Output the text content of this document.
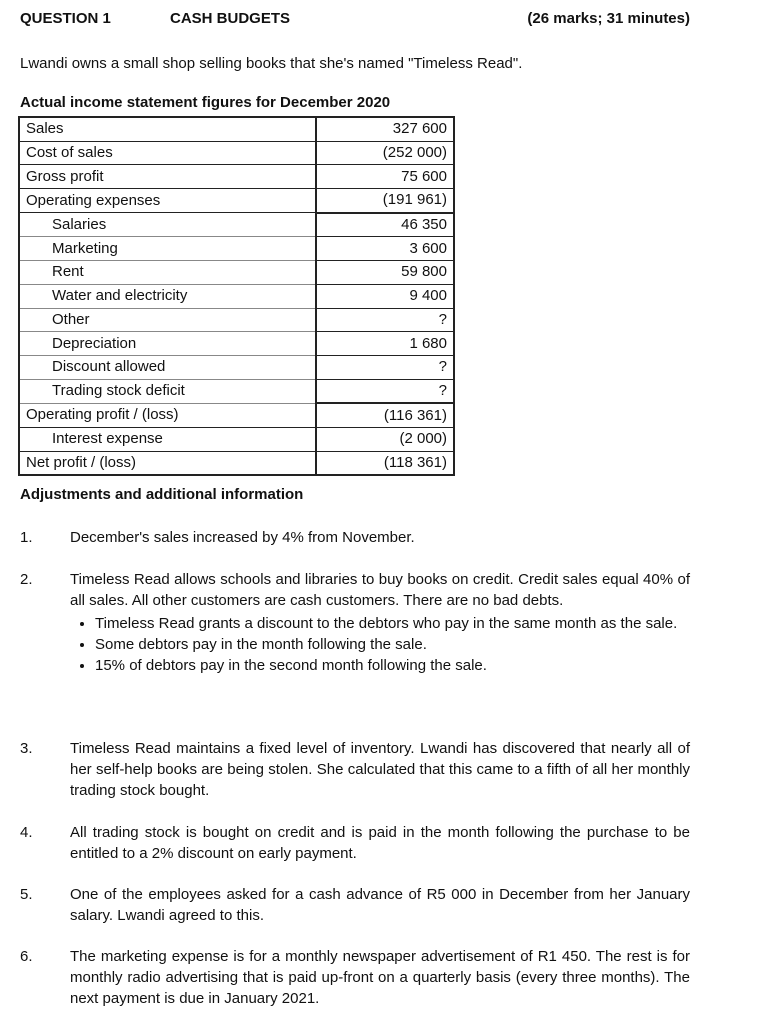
QUESTION 1	CASH BUDGETS	(26 marks; 31 minutes)
Lwandi owns a small shop selling books that she's named "Timeless Read".
Actual income statement figures for December 2020
Sales	327 600
Cost of sales	(252 000)
Gross profit	75 600
Operating expenses	(191 961)
Salaries	46 350
Marketing	3 600
Rent	59 800
Water and electricity	9 400
Other	?
Depreciation	1 680
Discount allowed	?
Trading stock deficit	?
Operating profit / (loss)	(116 361)
Interest expense	(2 000)
Net profit / (loss)	(118 361)
Adjustments and additional information
1. December's sales increased by 4% from November.
2. Timeless Read allows schools and libraries to buy books on credit. Credit sales equal 40% of all sales. All other customers are cash customers. There are no bad debts.
• Timeless Read grants a discount to the debtors who pay in the same month as the sale.
• Some debtors pay in the month following the sale.
• 15% of debtors pay in the second month following the sale.
3. Timeless Read maintains a fixed level of inventory. Lwandi has discovered that nearly all of her self-help books are being stolen. She calculated that this came to a fifth of all her monthly trading stock bought.
4. All trading stock is bought on credit and is paid in the month following the purchase to be entitled to a 2% discount on early payment.
5. One of the employees asked for a cash advance of R5 000 in December from her January salary. Lwandi agreed to this.
6. The marketing expense is for a monthly newspaper advertisement of R1 450. The rest is for monthly radio advertising that is paid up-front on a quarterly basis (every three months). The next payment is due in January 2021.
